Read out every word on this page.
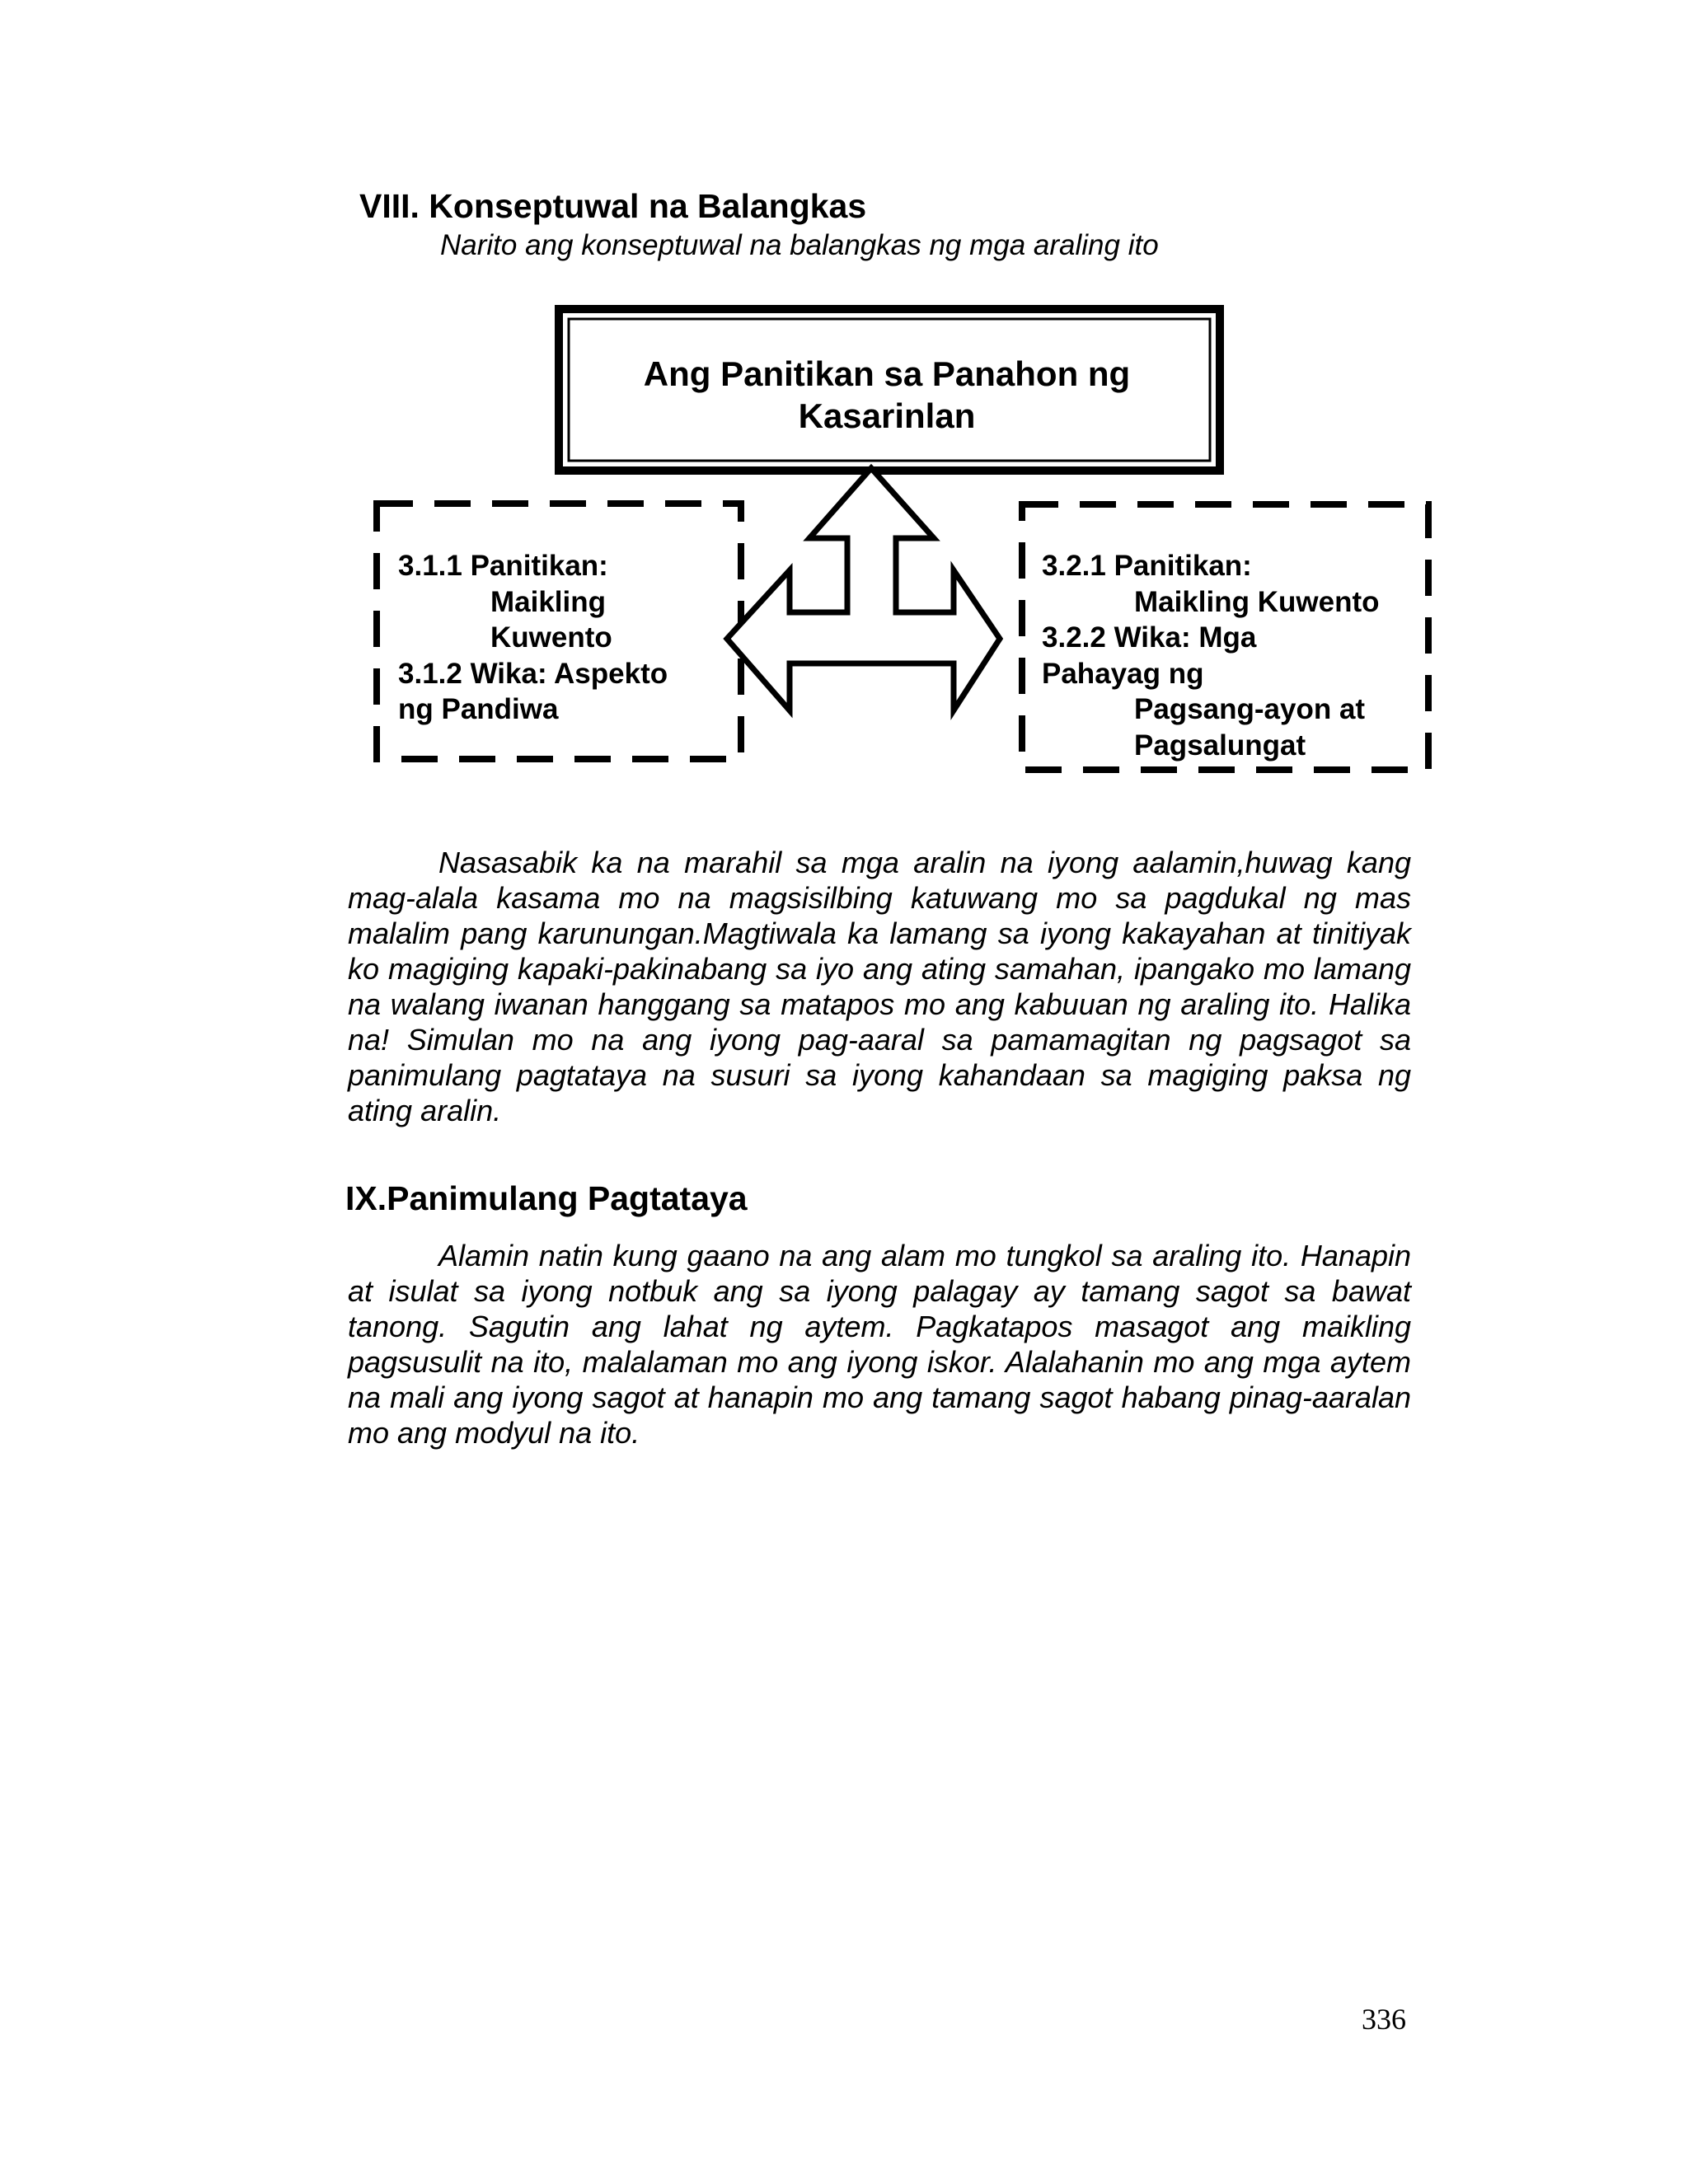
VIII. Konseptuwal na Balangkas
Narito ang konseptuwal na balangkas ng mga araling ito
Ang Panitikan sa Panahon ng
Kasarinlan
3.1.1 Panitikan:
Maikling
Kuwento
3.1.2 Wika: Aspekto
ng Pandiwa
3.2.1 Panitikan:
Maikling Kuwento
3.2.2 Wika: Mga
Pahayag ng
Pagsang-ayon at
Pagsalungat

Nasasabik ka na marahil sa mga aralin na iyong aalamin,huwag kang mag-alala kasama mo na magsisilbing katuwang mo sa pagdukal ng mas malalim pang karunungan.Magtiwala ka lamang sa iyong kakayahan at tinitiyak ko magiging kapaki-pakinabang sa iyo ang ating samahan, ipangako mo lamang na walang iwanan hanggang sa matapos mo ang kabuuan ng araling ito. Halika na! Simulan mo na ang iyong pag-aaral sa pamamagitan ng pagsagot sa panimulang pagtataya na susuri sa iyong kahandaan sa magiging paksa ng ating aralin.

IX.Panimulang Pagtataya

Alamin natin kung gaano na ang alam mo tungkol sa araling ito. Hanapin at isulat sa iyong notbuk ang sa iyong palagay ay tamang sagot sa bawat tanong. Sagutin ang lahat ng aytem. Pagkatapos masagot ang maikling pagsusulit na ito, malalaman mo ang iyong iskor. Alalahanin mo ang mga aytem na mali ang iyong sagot at hanapin mo ang tamang sagot habang pinag-aaralan mo ang modyul na ito.

336
